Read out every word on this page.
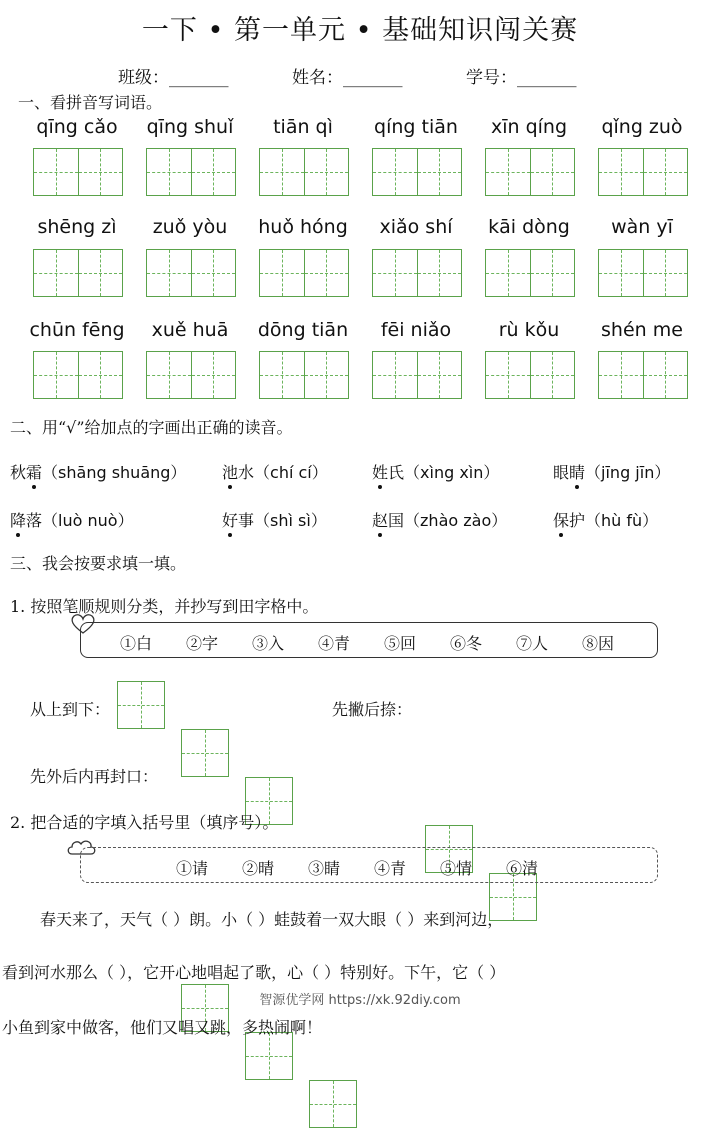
一下 • 第一单元 • 基础知识闯关赛
班级：_______	姓名：_______	学号：_______
一、看拼音写词语。
qīng cǎo	qīng shuǐ	tiān qì	qíng tiān	xīn qíng	qǐng zuò
shēng zì	zuǒ yòu	huǒ hóng	xiǎo shí	kāi dòng	wàn yī
chūn fēng	xuě huā	dōng tiān	fēi niǎo	rù kǒu	shén me
二、用“√”给加点的字画出正确的读音。
秋霜（shāng shuāng） 池水（chí cí）	姓氏（xìng xìn）	眼睛（jīng jīn）
降落（luò nuò）	好事（shì sì）	赵国（zhào zào）	保护（hù fù）
三、我会按要求填一填。
1. 按照笔顺规则分类，并抄写到田字格中。
①白 ②字 ③入 ④青 ⑤回 ⑥冬 ⑦人 ⑧因
从上到下：	先撇后捺：
先外后内再封口：
2. 把合适的字填入括号里（填序号）。
①请 ②晴 ③睛 ④青 ⑤情 ⑥清
春天来了，天气（ ）朗。小（ ）蛙鼓着一双大眼（ ）来到河边，
看到河水那么（ ），它开心地唱起了歌，心（ ）特别好。下午，它（ ）
智源优学网 https://xk.92diy.com
小鱼到家中做客，他们又唱又跳，多热闹啊！
